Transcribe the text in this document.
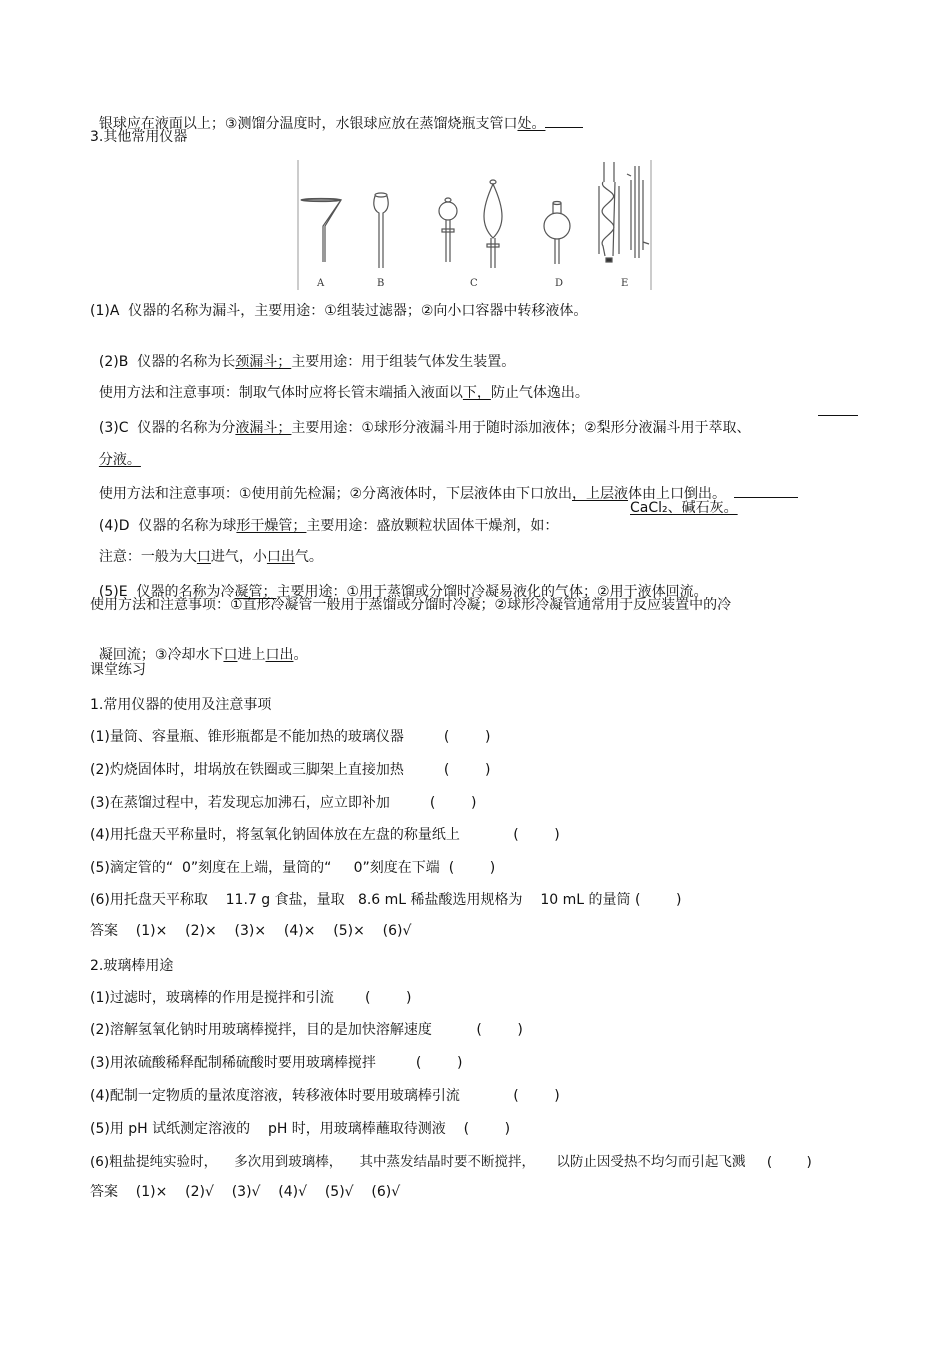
银球应在液面以上；③测馏分温度时，水银球应放在蒸馏烧瓶支管口处。

3.其他常用仪器
A	B	C	D	E
(1)A  仪器的名称为漏斗，主要用途：①组装过滤器；②向小口容器中转移液体。

(2)B  仪器的名称为长颈漏斗；主要用途：用于组装气体发生装置。

使用方法和注意事项：制取气体时应将长管末端插入液面以下，防止气体逸出。

(3)C  仪器的名称为分液漏斗；主要用途：①球形分液漏斗用于随时添加液体；②梨形分液漏斗用于萃取、

分液。

使用方法和注意事项：①使用前先检漏；②分离液体时，下层液体由下口放出，上层液体由上口倒出。

(4)D  仪器的名称为球形干燥管；主要用途：盛放颗粒状固体干燥剂，如：

CaCl₂、碱石灰。

注意：一般为大口进气，小口出气。

(5)E  仪器的名称为冷凝管；主要用途：①用于蒸馏或分馏时冷凝易液化的气体；②用于液体回流。

使用方法和注意事项：①直形冷凝管一般用于蒸馏或分馏时冷凝；②球形冷凝管通常用于反应装置中的冷

凝回流；③冷却水下口进上口出。

课堂练习
1.常用仪器的使用及注意事项
(1)量筒、容量瓶、锥形瓶都是不能加热的玻璃仪器         (        )
(2)灼烧固体时，坩埚放在铁圈或三脚架上直接加热         (        )
(3)在蒸馏过程中，若发现忘加沸石，应立即补加         (        )
(4)用托盘天平称量时，将氢氧化钠固体放在左盘的称量纸上            (        )
(5)滴定管的“  0”刻度在上端，量筒的“     0”刻度在下端  (        )
(6)用托盘天平称取    11.7 g 食盐，量取   8.6 mL 稀盐酸选用规格为    10 mL 的量筒 (        )
答案    (1)×    (2)×    (3)×    (4)×    (5)×    (6)√
2.玻璃棒用途
(1)过滤时，玻璃棒的作用是搅拌和引流       (        )
(2)溶解氢氧化钠时用玻璃棒搅拌，目的是加快溶解速度          (        )
(3)用浓硫酸稀释配制稀硫酸时要用玻璃棒搅拌         (        )
(4)配制一定物质的量浓度溶液，转移液体时要用玻璃棒引流            (        )
(5)用 pH 试纸测定溶液的    pH 时，用玻璃棒蘸取待测液    (        )
(6)粗盐提纯实验时，    多次用到玻璃棒，    其中蒸发结晶时要不断搅拌，     以防止因受热不均匀而引起飞溅     (        )
答案    (1)×    (2)√    (3)√    (4)√    (5)√    (6)√
